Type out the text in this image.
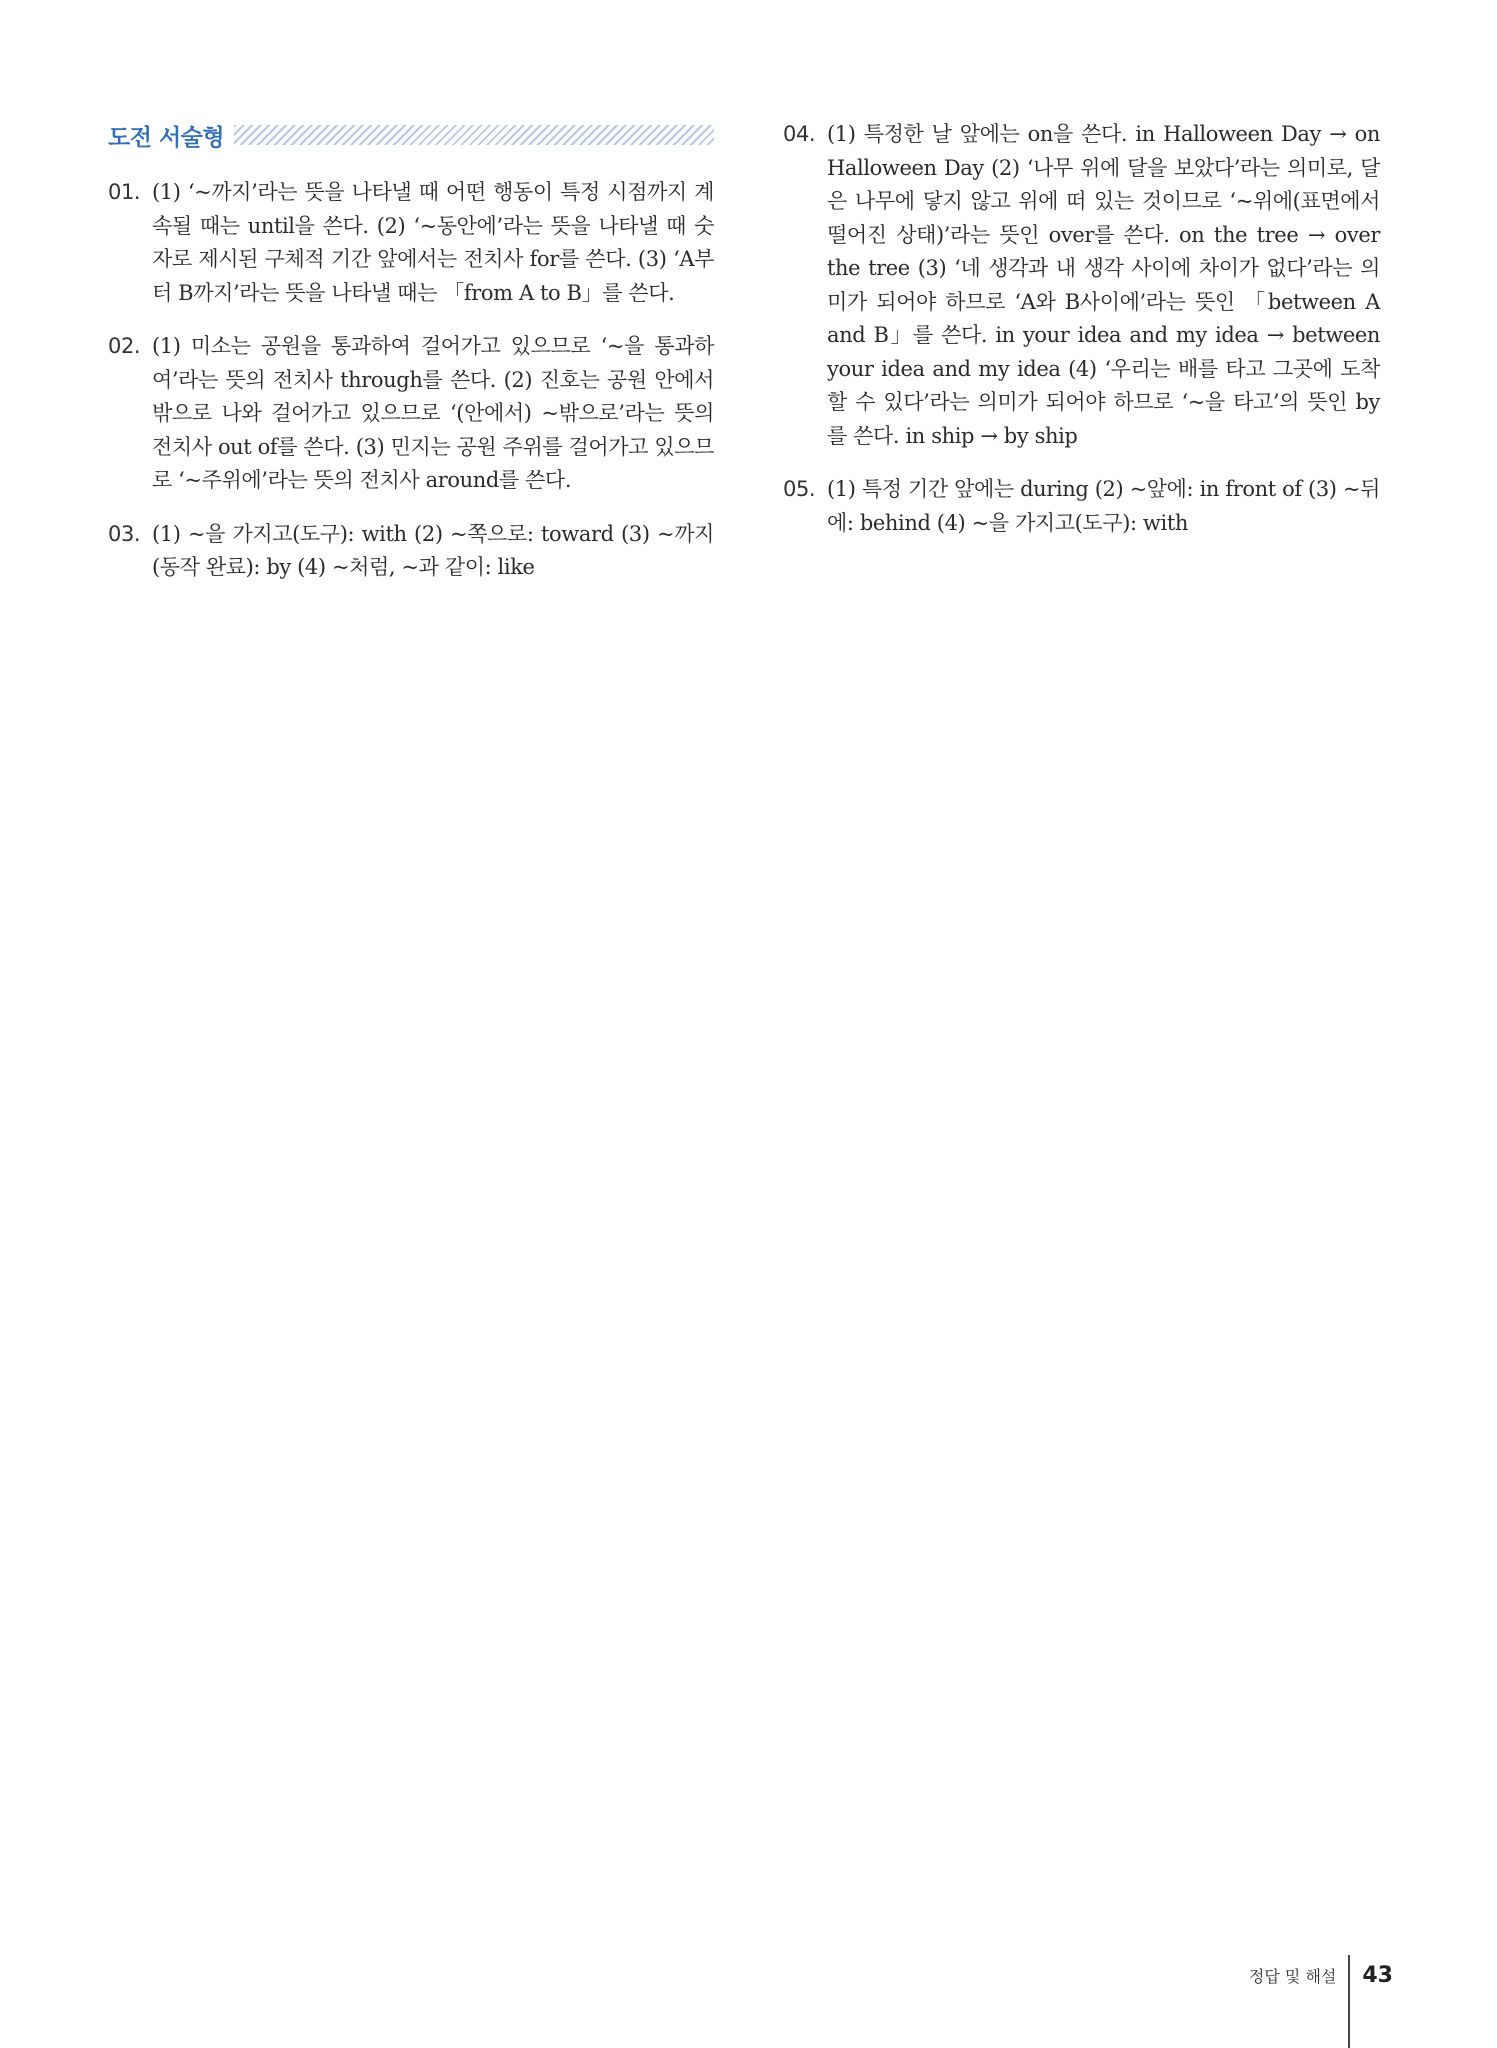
도전 서술형
01. (1) ‘~까지’라는 뜻을 나타낼 때 어떤 행동이 특정 시점까지 계속될 때는 until을 쓴다. (2) ‘~동안에’라는 뜻을 나타낼 때 숫자로 제시된 구체적 기간 앞에서는 전치사 for를 쓴다. (3) ‘A부터 B까지’라는 뜻을 나타낼 때는 「from A to B」를 쓴다.
02. (1) 미소는 공원을 통과하여 걸어가고 있으므로 ‘~을 통과하여’라는 뜻의 전치사 through를 쓴다. (2) 진호는 공원 안에서 밖으로 나와 걸어가고 있으므로 ‘(안에서) ~밖으로’라는 뜻의 전치사 out of를 쓴다. (3) 민지는 공원 주위를 걸어가고 있으므로 ‘~주위에’라는 뜻의 전치사 around를 쓴다.
03. (1) ~을 가지고(도구): with (2) ~쪽으로: toward (3) ~까지(동작 완료): by (4) ~처럼, ~과 같이: like
04. (1) 특정한 날 앞에는 on을 쓴다. in Halloween Day → on Halloween Day (2) ‘나무 위에 달을 보았다’라는 의미로, 달은 나무에 닿지 않고 위에 떠 있는 것이므로 ‘~위에(표면에서 떨어진 상태)’라는 뜻인 over를 쓴다. on the tree → over the tree (3) ‘네 생각과 내 생각 사이에 차이가 없다’라는 의미가 되어야 하므로 ‘A와 B사이에’라는 뜻인 「between A and B」를 쓴다. in your idea and my idea → between your idea and my idea (4) ‘우리는 배를 타고 그곳에 도착할 수 있다’라는 의미가 되어야 하므로 ‘~을 타고’의 뜻인 by를 쓴다. in ship → by ship
05. (1) 특정 기간 앞에는 during (2) ~앞에: in front of (3) ~뒤에: behind (4) ~을 가지고(도구): with
정답 및 해설 43
